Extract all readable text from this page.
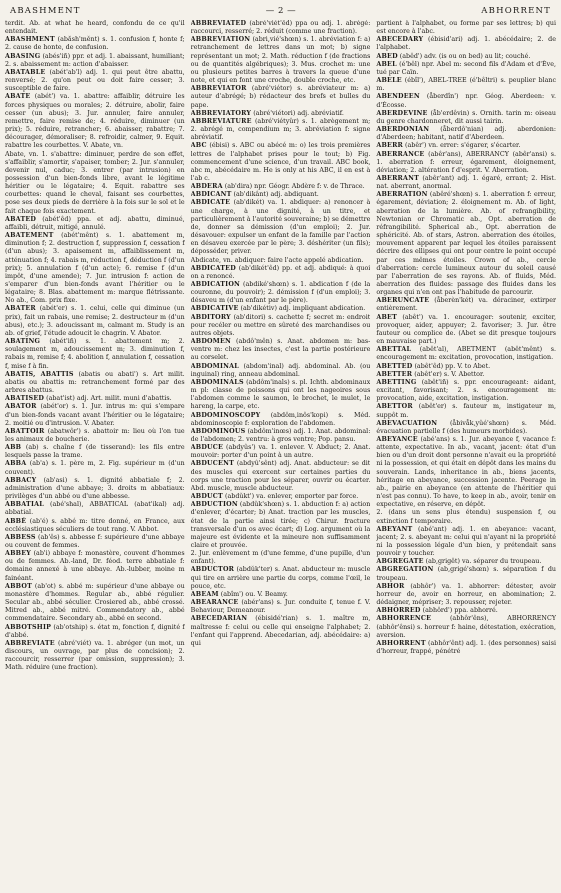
ABASHMENT	— 2 —	ABHORRENT

terdit. Ab. at what he heard, confondu de ce qu'il entendait.

ABASHMENT (abăsh'mĕnt) s. 1. confusion f, honte f; 2. cause de honte, de confusion.

ABASING (abés'iñ) ppr. et adj. 1. abaissant, humiliant; 2. s. abaissement m: action d'abaisser.

ABATABLE (abét'ab'l) adj. 1. qui peut être abattu, renversé; 2. qu'on peut ou doit faire cesser; 3. susceptible de faire.

ABATE (abét') va. 1. abattre: affaiblir, détruire les forces physiques ou morales; 2. détruire, abolir, faire cesser (un abus); 3. Jur. annuler, faire annuler, remettre, faire remise de; 4. réduire, diminuer (un prix); 5. réduire, retrancher; 6. abaisser, rabattre; 7. décourager, démoraliser; 8. refroidir, calmer, 9. Equit. rabattre les courbettes. V. Abate, vn.

Abate, vn. 1. s'abattre: diminuer, perdre de son effet, s'affaiblir, s'amortir, s'apaiser, tomber; 2. Jur. s'annuler, devenir nul, caduc; 3. entrer (par intrusion) en possession d'un bien-fonds libre, avant le légitime héritier ou le légataire; 4. Equit. rabattre ses courbettes: quand le cheval, faisant ses courbettes, pose ses deux pieds de derrière à la fois sur le sol et le fait chaque fois exactement.

ABATED (abét'êd) ppa. et adj. abattu, diminué, affaibli, détruit, mitigé, annulé.

ABATEMENT (abét'mênt) s. 1. abattement m, diminution f; 2. destruction f, suppression f, cessation f (d'un abus); 3. apaisement m, affaiblissement m, atténuation f; 4. rabais m, réduction f, déduction f (d'un prix); 5. annulation f (d'un acte); 6. remise f (d'un impôt, d'une amende); 7. Jur. intrusion f: action de s'emparer d'un bien-fonds avant l'héritier ou le légataire; 8. Blas. abattement m: marque flétrissante. No ab., Com. prix fixe.

ABATER (abét'er) s. 1. celui, celle qui diminue (un prix), fait un rabais, une remise; 2. destructeur m (d'un abus), etc.); 3. adoucissant m, calmant m. Study is an ab. of grief, l'étude adoucit le chagrin. V. Abator.

ABATING (abét'iñ) s. 1. abattement m; 2. soulagement m, adoucissement m; 3. diminution f, rabais m, remise f; 4. abolition f, annulation f, cessation f, mise f à fin.

ABATIS, ABATTIS (abatis ou abati') s. Art milit. abatis ou abattis m: retranchement formé par des arbres abattus.

ABATISED (abat'ist) adj. Art. milit. muni d'abattis.

ABATOR (abét'or) s. 1. Jur. intrus m: qui s'empare d'un bien-fonds vacant avant l'héritier ou le légataire; 2. moitié ou d'intrusion. V. Abater.

ABATTOIR (abatwôr') s. abattoir m: lieu où l'on tue les animaux de boucherie.

ABB (ab) s. chaîne f (de tisserand): les fils entre lesquels passe la trame.

ABBA (ab'a) s. 1. père m, 2. Fig. supérieur m (d'un couvent).

ABBACY (ab'asi) s. 1. dignité abbatiale f; 2. administration d'une abbaye; 3. droits m abbatiaux: privilèges d'un abbé ou d'une abbesse.

ABBATIAL (abé'shal), ABBATICAL (abat'ikal) adj. abbatial.

ABBÉ (ab'é) s. abbé m: titre donné, en France, aux ecclésiastiques séculiers de tout rang. V. Abbot.

ABBESS (ab'ês) s. abbesse f: supérieure d'une abbaye ou couvent de femmes.

ABBEY (ab'i) abbaye f: monastère, couvent d'hommes ou de femmes. Ab.-land, Dr. féod. terre abbatiale f: domaine annexé à une abbaye. Ab.-lubber, moine m fainéant.

ABBOT (ab'ot) s. abbé m: supérieur d'une abbaye ou monastère d'hommes. Regular ab., abbé régulier. Secular ab., abbé séculier. Crosiered ab., abbé crossé. Mitred ab., abbé mitré. Commendatory ab., abbé commendataire. Secondary ab., abbé en second.

ABBOTSHIP (ab'otship) s. état m, fonction f, dignité f d'abbé.

ABBREVIATE (abré'viét) va. 1. abréger (un mot, un discours, un ouvrage, par plus de concision); 2. raccourcir, resserrer (par omission, suppression); 3. Math. réduire (une fraction).

ABBREVIATED (abré'viét'êd) ppa ou adj. 1. abrégé: raccourci, resserré; 2. réduit (comme une fraction).

ABBREVIATION (abri,vié'shœn) s. 1. abréviation f: a) retranchement de lettres dans un mot; b) signe représentant un mot; 2. Math. réduction f (de fractions ou de quantités algébriques); 3. Mus. crochet m: une ou plusieurs petites barres à travers la queue d'une note, et qui en font une croche, double croche, etc.

ABBREVIATOR (abré'viétor) s. abréviateur m: a) auteur d'abrégé; b) rédacteur des brefs et bulles du pape.

ABBREVIATORY (abré'viétori) adj. abréviatif.

ABBREVIATURE (abré'viétyûr) s. 1. abrègement m; 2. abrégé m, compendium m; 3. abréviation f: signe abréviatif.

ABC (ébisi) s. ABC ou abécé m: o) les trois premières lettres de l'alphabet prises pour le tout; b) Fig. commencement d'une science, d'un travail. ABC book, abc m, abécédaire m. He is only at his ABC, il en est à l'ab c.

ABDERA (ab'dira) npr. Géogr. Abdère f: v. de Thrace.

ABDICANT (ab'dikânt) adj. abdiquant.

ABDICATE (ab'dikét) va. 1. abdiquer: a) renoncer à une charge, à une dignité, à un titre, et particulièrement à l'autorité souveraine; b) se démettre de, donner sa démission (d'un emploi); 2. Jur. désavouer: expulser un enfant de la famille par l'action en désaveu exercée par le père; 3. déshériter (un fils); déposséder, priver.

Abdicate, vn. abdiquer: faire l'acte appelé abdication.

ABDICATED (ab'dikét'êd) pp. et adj. abdiqué: à quoi on a renoncé.

ABDICATION (abdiké'shœn) s. 1. abdication f (de la couronne, du pouvoir); 2. démission f (d'un emploi); 3. désaveu m (d'un enfant par le père).

ABDICATIVE (ab'dikétiv) adj. impliquant abdication.

ABDITORY (ab'ditori) s. cachette f; secret m: endroit pour recéler ou mettre en sûreté des marchandises ou autres objets.

ABDOMEN (abdô'mên) s. Anat. abdomen m: bas-ventre m: chez les insectes, c'est la partie postérieure au corselet.

ABDOMINAL (abdom'inal) adj. abdominal. Ab. (ou inguinal) ring, anneau abdominal.

ABDOMINALS (abdôm'inals) s. pl. Ichth. abdominaux m pl: classe de poissons qui ont les nageoires sous l'abdomen comme le saumon, le brochet, le mulet, le hareng, la carpe, etc.

ABDOMINOSCOPY (abdôm,inôs'kopi) s. Méd. abdominoscopie f: exploration de l'abdomen.

ABDOMINOUS (abdôm'inœs) adj. 1. Anat. abdominal: de l'abdomen; 2. ventru: à gros ventre; Pop. pansu.

ABDUCE (abdyûs') va. 1. enlever. V. Abduct; 2. Anat. mouvoir: porter d'un point à un autre.

ABDUCENT (abdyû'sênt) adj. Anat. abducteur: se dit des muscles qui exercent sur certaines parties du corps une traction pour les séparer, ouvrir ou écarter. Abd. muscle, muscle abducteur.

ABDUCT (abdŭkt') va. enlever, emporter par force.

ABDUCTION (abdŭk'shœn) s. 1. abduction f: a) action d'enlever, d'écarter; b) Anat. traction par les muscles, état de la partie ainsi tirée; c) Chirur. fracture transversale d'un os avec écart; d) Log. argument où la majeure est évidente et la mineure non suffisamment claire et prouvée.

2. Jur. enlèvement m (d'une femme, d'une pupille, d'un enfant).

ABDUCTOR (abdŭk'ter) s. Anat. abducteur m: muscle qui tire en arrière une partie du corps, comme l'œil, le pouce, etc.

ABEAM (abîm') ou. V. Beamy.

ABEARANCE (abér'ans) s. Jur. conduite f, tenue f. V. Behaviour, Demeanour.

ABECEDARIAN (ébisidé'rian) s. 1. maître m, maîtresse f: celui ou celle qui enseigne l'alphabet; 2. l'enfant qui l'apprend. Abecedarian, adj. abécédaire: a) qui

partient à l'alphabet, ou forme par ses lettres; b) qui est encore à l'abc.

ABECEDARY (ébisid'ari) adj. 1. abécédaire; 2. de l'alphabet.

ABED (abêd') adv. (is ou on bed) au lit; couché.

ABEL (é'bêl) npr. Abel m: second fils d'Adam et d'Ève, tué par Caïn.

ABELE (ébîl'), ABEL-TREE (é'bêltri) s. peuplier blanc m.

ABENDEEN (åberdîn') npr. Géog. Aberdeen: v. d'Écosse.

ABERDEVINE (åb'erdêvin) s. Ornith. tarin m: oiseau du genre chardonneret, dit aussi tairin.

ABERDONIAN (åberdô'nian) adj. aberdonien: d'Aberdeen; habitant, natif d'Aberdeen.

ABERR (abêr') vn. errer: s'égarer, s'écarter.

ABERRANCE (abêr'ans), ABERRANCY (abêr'ansi) s. 1. aberration f: erreur, égarement, éloignement, déviation; 2. altération f d'esprit. V. Aberration.

ABERRANT (abêr'ant) adj. 1. égaré, errant; 2. Hist. nat. aberrant, anormal.

ABERRATION (abêré'shœn) s. 1. aberration f: erreur, égarement, déviation; 2. éloignement m. Ab. of light, aberration de la lumière. Ab. of refrangibility, Newtonian or Chromatic ab., Opt. aberration de réfrangibilité. Spherical ab., Opt. aberration de sphéricité. Ab. of stars, Astron. aberration des étoiles, mouvement apparent par lequel les étoiles paraissent décrire des ellipses qui ont pour centre le point occupé par ces mêmes étoiles. Crown of ab., cercle d'aberration: cercle lumineux autour du soleil causé par l'aberration de ses rayons. Ab. of fluids, Méd. aberration des fluides: passage des fluides dans les organes qui n'en ont pas l'habitude de parcourir.

ABERUNCATE (åberèn'két) va. déraciner, extirper entièrement.

ABET (abêt') va. 1. encourager: soutenir, exciter, provoquer, aider, appuyer; 2. favoriser; 3. Jur. être fauteur ou complice de. (Abet se dit presque toujours en mauvaise part.)

ABETTAL (abêt'al), ABETMENT (abêt'mênt) s. encouragement m: excitation, provocation, instigation.

ABETTED (abêt'êd) pp. V. to Abet.

ABETTER (abêt'er) s. V. Abettor.

ABETTING (abêt'iñ) s. ppr. encourageant: aidant, excitant, favorisant; 2. s. encouragement m: provocation, aide, excitation, instigation.

ABETTOR (abêt'er) s. fauteur m, instigateur m, suppôt m.

ABEVACUATION (åbivåk,yûé'shœn) s. Méd. évacuation partielle f (des humeurs morbides).

ABEYANCE (abé'ans) s. 1. Jur. abeyance f, vacance f: attente, expectative. In ab., vacant, jacent: état d'un bien ou d'un droit dont personne n'avait eu la propriété ni la possession, et qui était en dépôt dans les mains du souverain. Lands, inheritance in ab., biens jacents, héritage en abeyance, succession jacente. Peerage in ab., pairie en abeyance (en attente de l'héritier qui n'est pas connu). To have, to keep in ab., avoir, tenir en expectative, en réserve, en dépôt.

2. (dans un sens plus étendu) suspension f, ou extinction f temporaire.

ABEYANT (abé'ant) adj. 1. en abeyance: vacant, jacent; 2. s. abeyant m: celui qui n'ayant ni la propriété ni la possession légale d'un bien, y prétendait sans pouvoir y toucher.

ABGREGATE (ab,grigêt) va. séparer du troupeau.

ABGREGATION (ab,grigé'shœn) s. séparation f du troupeau.

ABHOR (abhôr') va. 1. abhorrer: détester, avoir horreur de, avoir en horreur, en abomination; 2. dédaigner, mépriser; 3. repousser, rejeter.

ABHORRED (abhôrd') ppa. abhorré.

ABHORRENCE	(abhôr'êns), ABHORRENCY (abhôr'ênsi) s. horreur f: haine, détestation, exécration, aversion.

ABHORRENT (abhôr'ênt) adj. 1. (des personnes) saisi d'horreur, frappé, pénétré
